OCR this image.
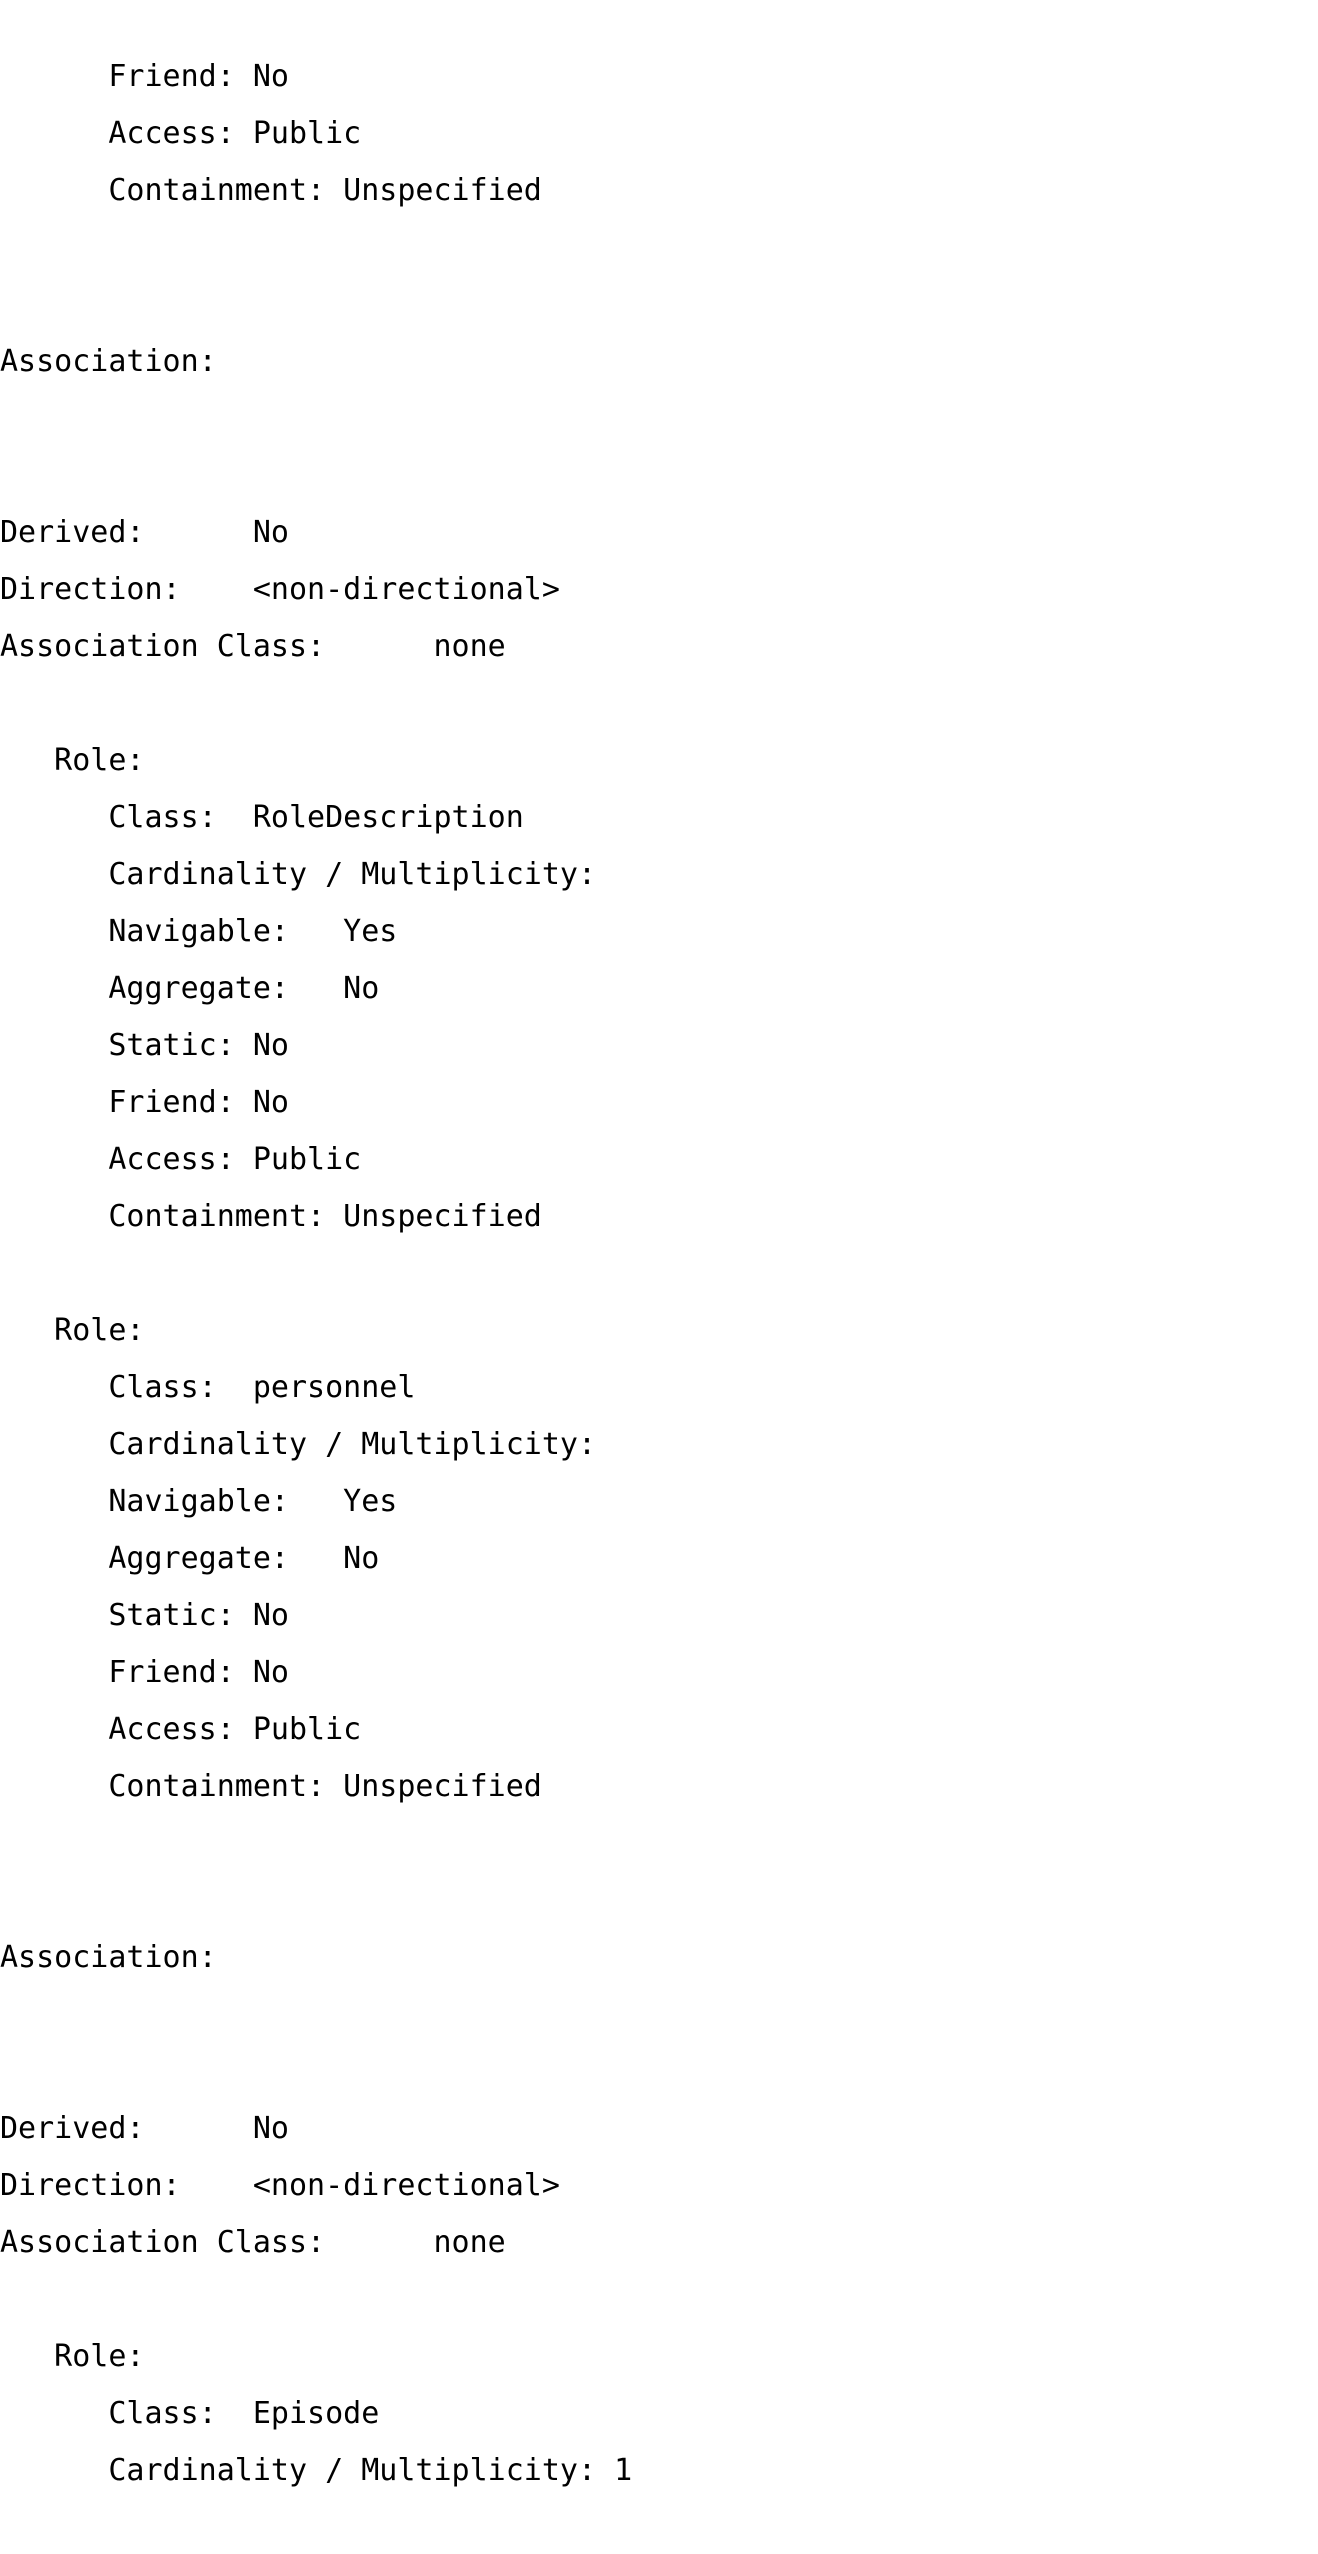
Friend: No
Access: Public
Containment: Unspecified
Association:
Derived:      No
Direction:    <non-directional>
Association Class:      none
Role:
Class:  RoleDescription
Cardinality / Multiplicity:
Navigable:   Yes
Aggregate:   No
Static: No
Friend: No
Access: Public
Containment: Unspecified
Role:
Class:  personnel
Cardinality / Multiplicity:
Navigable:   Yes
Aggregate:   No
Static: No
Friend: No
Access: Public
Containment: Unspecified
Association:
Derived:      No
Direction:    <non-directional>
Association Class:      none
Role:
Class:  Episode
Cardinality / Multiplicity: 1
